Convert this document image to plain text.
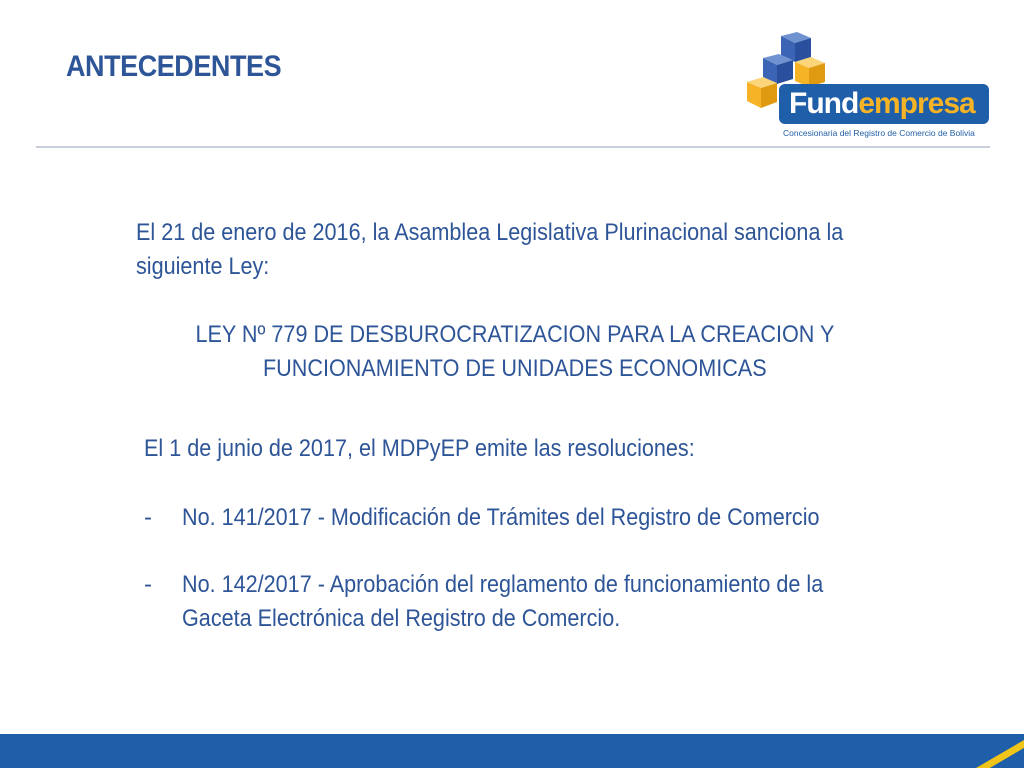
ANTECEDENTES
Fund empresa
Concesionaria del Registro de Comercio de Bolivia
El 21 de enero de 2016, la Asamblea Legislativa Plurinacional sanciona la siguiente Ley:
LEY Nº 779 DE DESBUROCRATIZACION PARA LA CREACION Y
FUNCIONAMIENTO DE UNIDADES ECONOMICAS
El 1 de junio de 2017, el MDPyEP emite las resoluciones:
- No. 141/2017 - Modificación de Trámites del Registro de Comercio
- No. 142/2017 - Aprobación del reglamento de funcionamiento de la Gaceta Electrónica del Registro de Comercio.
